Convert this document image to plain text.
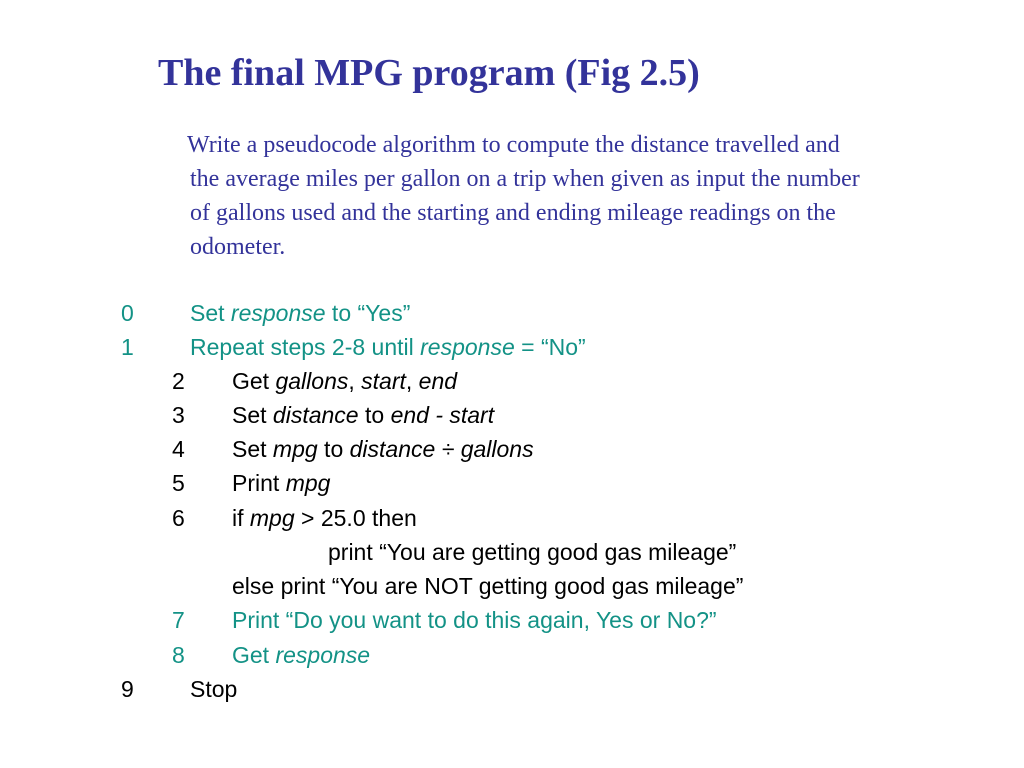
The final MPG program (Fig 2.5)
Write a pseudocode algorithm to compute the distance travelled and
the average miles per gallon on a trip when given as input the number
of gallons used and the starting and ending mileage readings on the
odometer.
0 Set response to “Yes”
1 Repeat steps 2-8 until response = “No”
2 Get gallons, start, end
3 Set distance to end - start
4 Set mpg to distance ÷ gallons
5 Print mpg
6 if mpg > 25.0 then
print “You are getting good gas mileage”
else print “You are NOT getting good gas mileage”
7 Print “Do you want to do this again, Yes or No?”
8 Get response
9 Stop
